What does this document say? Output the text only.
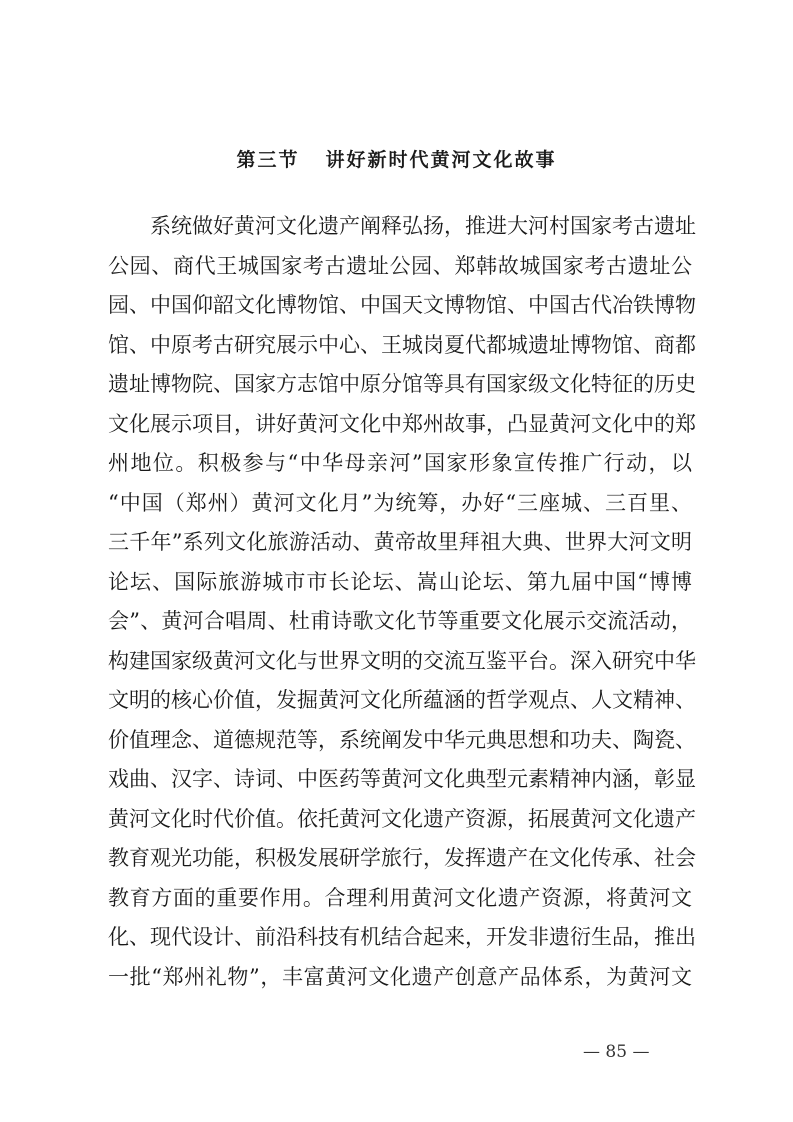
第三节 讲好新时代黄河文化故事

系统做好黄河文化遗产阐释弘扬，推进大河村国家考古遗址
公园、商代王城国家考古遗址公园、郑韩故城国家考古遗址公
园、中国仰韶文化博物馆、中国天文博物馆、中国古代冶铁博物
馆、中原考古研究展示中心、王城岗夏代都城遗址博物馆、商都
遗址博物院、国家方志馆中原分馆等具有国家级文化特征的历史
文化展示项目，讲好黄河文化中郑州故事，凸显黄河文化中的郑
州地位。积极参与“中华母亲河”国家形象宣传推广行动，以
“中国（郑州）黄河文化月”为统筹，办好“三座城、三百里、
三千年”系列文化旅游活动、黄帝故里拜祖大典、世界大河文明
论坛、国际旅游城市市长论坛、嵩山论坛、第九届中国“博博
会”、黄河合唱周、杜甫诗歌文化节等重要文化展示交流活动，
构建国家级黄河文化与世界文明的交流互鉴平台。深入研究中华
文明的核心价值，发掘黄河文化所蕴涵的哲学观点、人文精神、
价值理念、道德规范等，系统阐发中华元典思想和功夫、陶瓷、
戏曲、汉字、诗词、中医药等黄河文化典型元素精神内涵，彰显
黄河文化时代价值。依托黄河文化遗产资源，拓展黄河文化遗产
教育观光功能，积极发展研学旅行，发挥遗产在文化传承、社会
教育方面的重要作用。合理利用黄河文化遗产资源，将黄河文
化、现代设计、前沿科技有机结合起来，开发非遗衍生品，推出
一批“郑州礼物”，丰富黄河文化遗产创意产品体系，为黄河文

— 85 —
